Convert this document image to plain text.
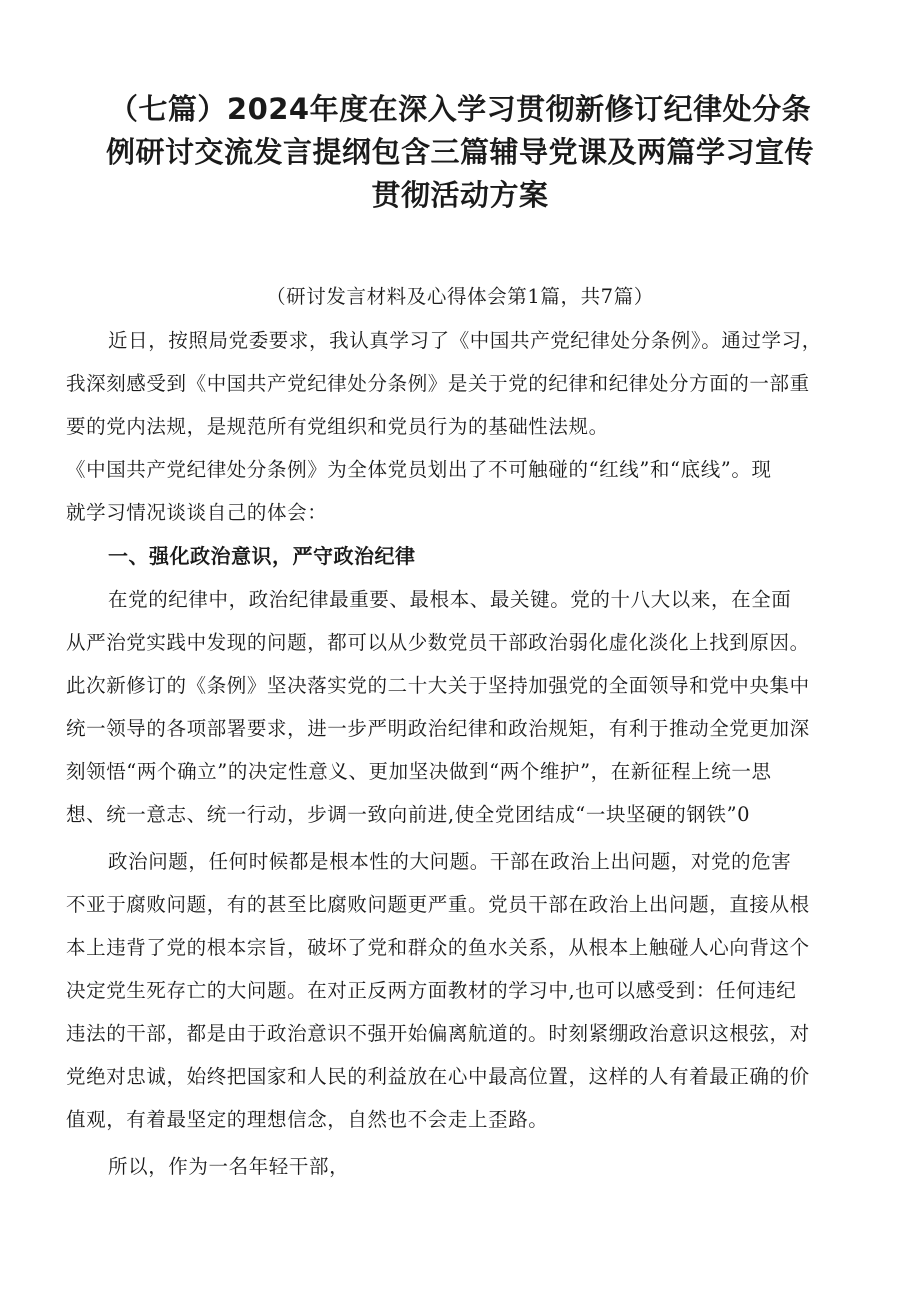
（七篇）2024年度在深入学习贯彻新修订纪律处分条
例研讨交流发言提纲包含三篇辅导党课及两篇学习宣传
贯彻活动方案
（研讨发言材料及心得体会第1篇，共7篇）
近日，按照局党委要求，我认真学习了《中国共产党纪律处分条例》。通过学习，
我深刻感受到《中国共产党纪律处分条例》是关于党的纪律和纪律处分方面的一部重
要的党内法规，是规范所有党组织和党员行为的基础性法规。
《中国共产党纪律处分条例》为全体党员划出了不可触碰的“红线”和“底线”。现
就学习情况谈谈自己的体会：
一、强化政治意识，严守政治纪律
在党的纪律中，政治纪律最重要、最根本、最关键。党的十八大以来，在全面
从严治党实践中发现的问题，都可以从少数党员干部政治弱化虚化淡化上找到原因。
此次新修订的《条例》坚决落实党的二十大关于坚持加强党的全面领导和党中央集中
统一领导的各项部署要求，进一步严明政治纪律和政治规矩，有利于推动全党更加深
刻领悟“两个确立”的决定性意义、更加坚决做到“两个维护”，在新征程上统一思
想、统一意志、统一行动，步调一致向前进,使全党团结成“一块坚硬的钢铁”0
政治问题，任何时候都是根本性的大问题。干部在政治上出问题，对党的危害
不亚于腐败问题，有的甚至比腐败问题更严重。党员干部在政治上出问题，直接从根
本上违背了党的根本宗旨，破坏了党和群众的鱼水关系，从根本上触碰人心向背这个
决定党生死存亡的大问题。在对正反两方面教材的学习中,也可以感受到：任何违纪
违法的干部，都是由于政治意识不强开始偏离航道的。时刻紧绷政治意识这根弦，对
党绝对忠诚，始终把国家和人民的利益放在心中最高位置，这样的人有着最正确的价
值观，有着最坚定的理想信念，自然也不会走上歪路。
所以，作为一名年轻干部，
